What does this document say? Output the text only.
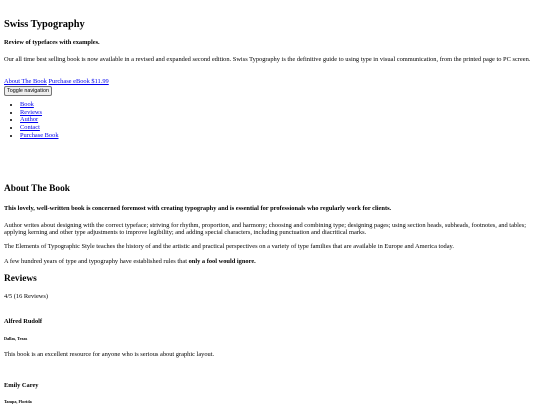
Swiss Typography

Review of typefaces with examples.

Our all time best selling book is now available in a revised and expanded second edition. Swiss Typography is the definitive guide to using type in visual communication, from the printed page to PC screen.

About The Book Purchase eBook $11.99
Toggle navigation
• Book
• Reviews
• Author
• Contact
• Purchase Book
About The Book

This lovely, well-written book is concerned foremost with creating typography and is essential for professionals who regularly work for clients.

Author writes about designing with the correct typeface; striving for rhythm, proportion, and harmony; choosing and combining type; designing pages; using section heads, subheads, footnotes, and tables; applying kerning and other type adjustments to improve legibility; and adding special characters, including punctuation and diacritical marks.

The Elements of Typographic Style teaches the history of and the artistic and practical perspectives on a variety of type families that are available in Europe and America today.

A few hundred years of type and typography have established rules that only a fool would ignore.

Reviews

4/5 (16 Reviews)

Alfred Rudolf

Dallas, Texas

This book is an excellent resource for anyone who is serious about graphic layout.

Emily Carey

Tampa, Florida
